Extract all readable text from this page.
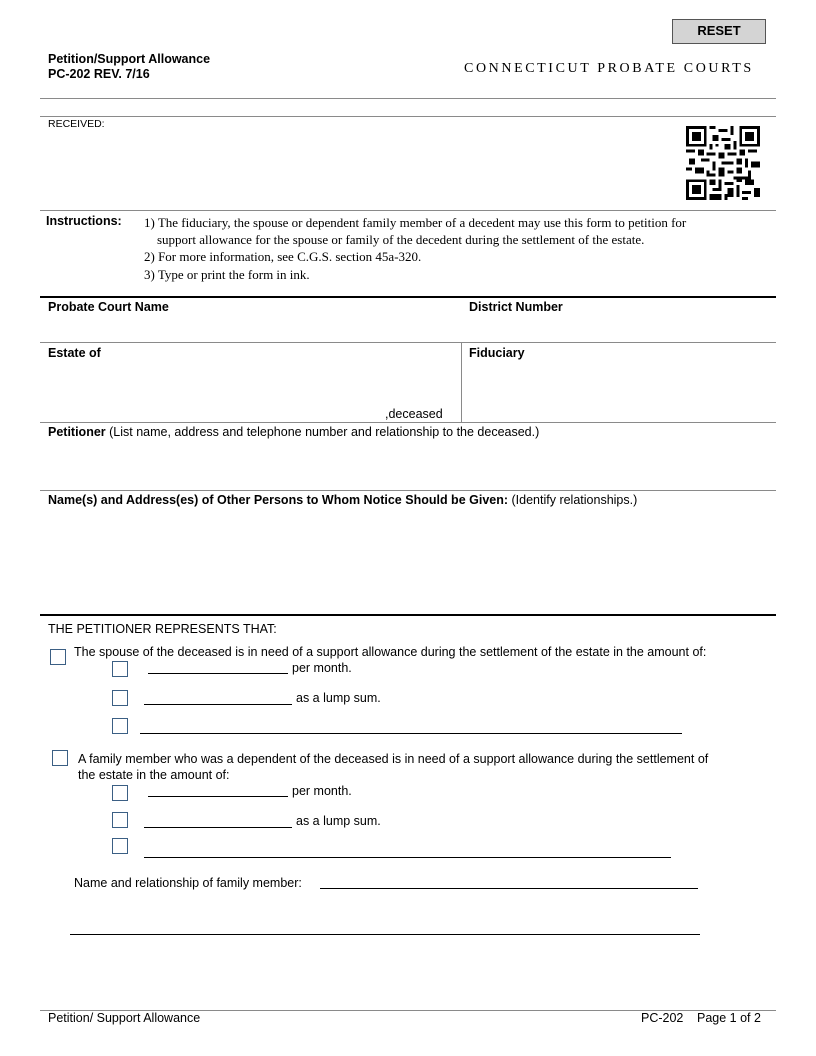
RESET
Petition/Support Allowance
PC-202 REV. 7/16	CONNECTICUT PROBATE COURTS
RECEIVED:
Instructions: 1) The fiduciary, the spouse or dependent family member of a decedent may use this form to petition for
support allowance for the spouse or family of the decedent during the settlement of the estate.
2) For more information, see C.G.S. section 45a-320.
3) Type or print the form in ink.
Probate Court Name	District Number
Estate of
,deceased
Fiduciary
Petitioner (List name, address and telephone number and relationship to the deceased.)
Name(s) and Address(es) of Other Persons to Whom Notice Should be Given: (Identify relationships.)
THE PETITIONER REPRESENTS THAT:
The spouse of the deceased is in need of a support allowance during the settlement of the estate in the amount of:
per month.
as a lump sum.
A family member who was a dependent of the deceased is in need of a support allowance during the settlement of
the estate in the amount of:
per month.
as a lump sum.
Name and relationship of family member:
Petition/ Support Allowance	PC-202 Page 1 of 2
